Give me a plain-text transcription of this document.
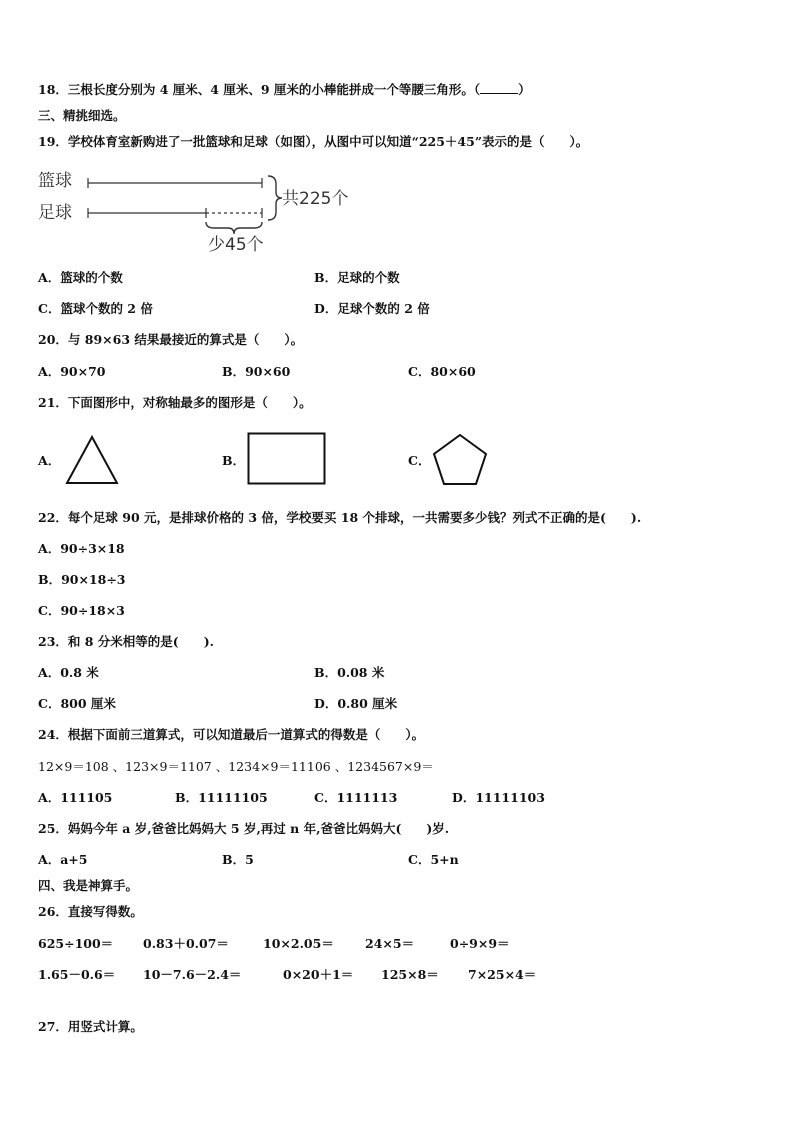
18．三根长度分别为 4 厘米、4 厘米、9 厘米的小棒能拼成一个等腰三角形。（	）
三、精挑细选。
19．学校体育室新购进了一批篮球和足球（如图），从图中可以知道“225＋45”表示的是（　　）。
篮球
足球
共225个
少45个
A．篮球的个数	B．足球的个数
C．篮球个数的 2 倍	D．足球个数的 2 倍
20．与 89×63 结果最接近的算式是（　　）。
A．90×70	B．90×60	C．80×60
21．下面图形中，对称轴最多的图形是（　　）。
A．	B．	C．
22．每个足球 90 元，是排球价格的 3 倍，学校要买 18 个排球，一共需要多少钱？列式不正确的是(　　).
A．90÷3×18
B．90×18÷3
C．90÷18×3
23．和 8 分米相等的是(　　).
A．0.8 米	B．0.08 米
C．800 厘米	D．0.80 厘米
24．根据下面前三道算式，可以知道最后一道算式的得数是（　　）。
12×9＝108 、123×9＝1107 、1234×9＝11106 、1234567×9＝
A．111105	B．11111105	C．1111113	D．11111103
25．妈妈今年 a 岁,爸爸比妈妈大 5 岁,再过 n 年,爸爸比妈妈大(　　)岁.
A．a+5	B．5	C．5+n
四、我是神算手。
26．直接写得数。
625÷100＝ 0.83＋0.07＝	10×2.05＝ 24×5＝	0÷9×9＝
1.65－0.6＝ 10－7.6－2.4＝	0×20＋1＝ 125×8＝ 7×25×4＝
27．用竖式计算。
